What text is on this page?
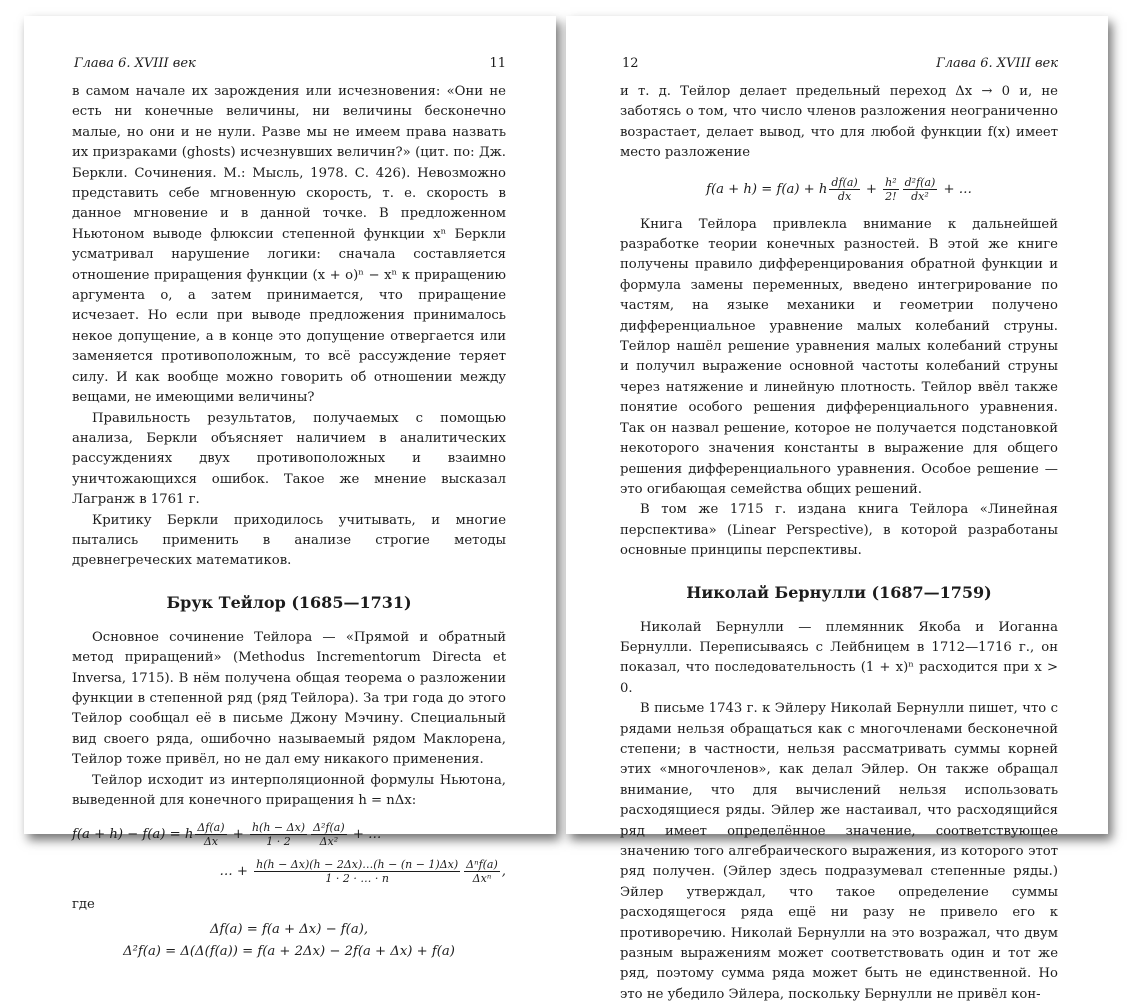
Глава 6. XVIII век	11

в самом начале их зарождения или исчезновения: «Они не есть ни конечные величины, ни величины бесконечно малые, но они и не нули. Разве мы не имеем права назвать их призраками (ghosts) исчезнувших величин?» (цит. по: Дж. Беркли. Сочинения. М.: Мысль, 1978. С. 426). Невозможно представить себе мгновенную скорость, т. е. скорость в данное мгновение и в данной точке. В предложенном Ньютоном выводе флюксии степенной функции xⁿ Беркли усматривал нарушение логики: сначала составляется отношение приращения функции (x + o)ⁿ − xⁿ к приращению аргумента o, а затем принимается, что приращение исчезает. Но если при выводе предложения принималось некое допущение, а в конце это допущение отвергается или заменяется противоположным, то всё рассуждение теряет силу. И как вообще можно говорить об отношении между вещами, не имеющими величины?

Правильность результатов, получаемых с помощью анализа, Беркли объясняет наличием в аналитических рассуждениях двух противоположных и взаимно уничтожающихся ошибок. Такое же мнение высказал Лагранж в 1761 г.

Критику Беркли приходилось учитывать, и многие пытались применить в анализе строгие методы древнегреческих математиков.

Брук Тейлор (1685—1731)

Основное сочинение Тейлора — «Прямой и обратный метод приращений» (Methodus Incrementorum Directa et Inversa, 1715). В нём получена общая теорема о разложении функции в степенной ряд (ряд Тейлора). За три года до этого Тейлор сообщал её в письме Джону Мэчину. Специальный вид своего ряда, ошибочно называемый рядом Маклорена, Тейлор тоже привёл, но не дал ему никакого применения.

Тейлор исходит из интерполяционной формулы Ньютона, выведенной для конечного приращения h = nΔx:

f(a + h) − f(a) = h $\frac{\Delta f(a)}{\Delta x} + \frac{h(h - \Delta x)}{1 \cdot 2} \frac{\text{Δ²f(a)}}{\text{Δx²}}$ + …
… + $\frac{h(h - \Delta x)(h - 2\Delta x)\dots(h - (n - 1)\Delta x)}{1 \cdot 2 \cdot \dots \cdot n} \Delta^nf(a)$
Δxⁿ ,

где

Δf(a) = f(a + Δx) − f(a),
Δ²f(a) = Δ(Δ(f(a)) = f(a + 2Δx) − 2f(a + Δx) + f(a)
12	Глава 6. XVIII век

и т. д. Тейлор делает предельный переход Δx → 0 и, не заботясь о том, что число членов разложения неограниченно возрастает, делает вывод, что для любой функции f(x) имеет место разложение

f(a + h) = f(a) + h $\frac{df(a)}{dx} + \frac{\text{h²}}{2!} \frac{\text{d²f(a)}}{\text{dx²}}$ + …

Книга Тейлора привлекла внимание к дальнейшей разработке теории конечных разностей. В этой же книге получены правило дифференцирования обратной функции и формула замены переменных, введено интегрирование по частям, на языке механики и геометрии получено дифференциальное уравнение малых колебаний струны. Тейлор нашёл решение уравнения малых колебаний струны и получил выражение основной частоты колебаний струны через натяжение и линейную плотность. Тейлор ввёл также понятие особого решения дифференциального уравнения. Так он назвал решение, которое не получается подстановкой некоторого значения константы в выражение для общего решения дифференциального уравнения. Особое решение — это огибающая семейства общих решений.

В том же 1715 г. издана книга Тейлора «Линейная перспектива» (Linear Perspective), в которой разработаны основные принципы перспективы.

Николай Бернулли (1687—1759)

Николай Бернулли — племянник Якоба и Иоганна Бернулли. Переписываясь с Лейбницем в 1712—1716 г., он показал, что последовательность (1 + x)ⁿ расходится при x > 0.

В письме 1743 г. к Эйлеру Николай Бернулли пишет, что с рядами нельзя обращаться как с многочленами бесконечной степени; в частности, нельзя рассматривать суммы корней этих «многочленов», как делал Эйлер. Он также обращал внимание, что для вычислений нельзя использовать расходящиеся ряды. Эйлер же настаивал, что расходящийся ряд имеет определённое значение, соответствующее значению того алгебраического выражения, из которого этот ряд получен. (Эйлер здесь подразумевал степенные ряды.) Эйлер утверждал, что такое определение суммы расходящегося ряда ещё ни разу не привело его к противоречию. Николай Бернулли на это возражал, что двум разным выражениям может соответствовать один и тот же ряд, поэтому сумма ряда может быть не единственной. Но это не убедило Эйлера, поскольку Бернулли не привёл кон-
